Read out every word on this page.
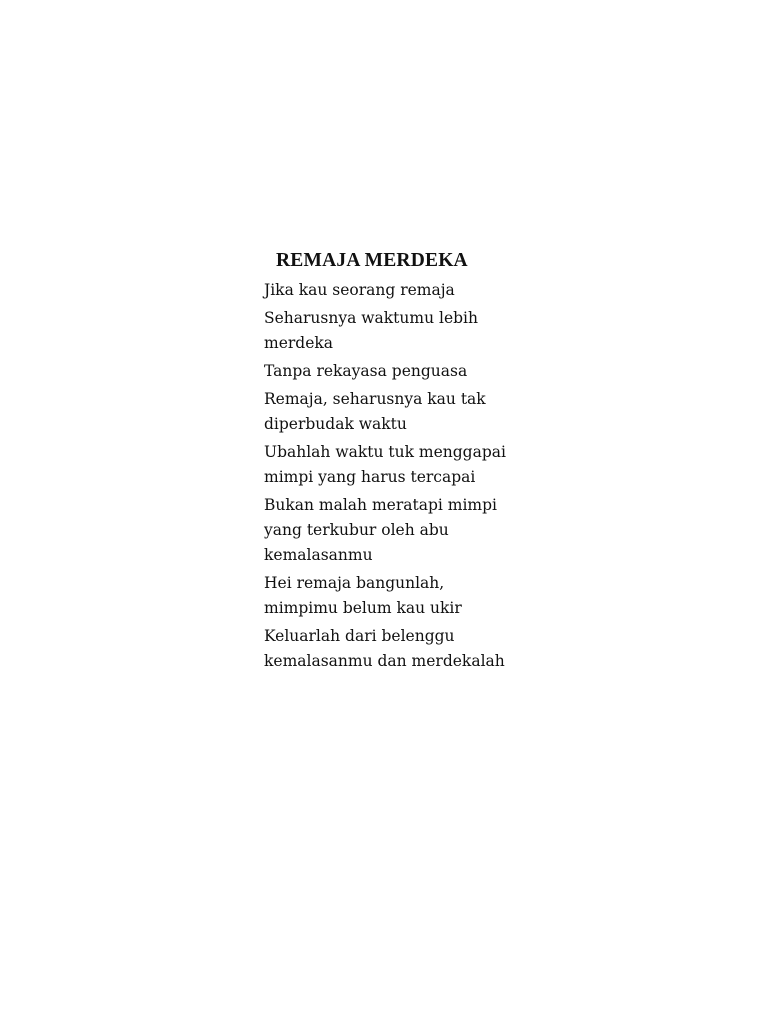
REMAJA MERDEKA

Jika kau seorang remaja

Seharusnya waktumu lebih merdeka

Tanpa rekayasa penguasa

Remaja, seharusnya kau tak diperbudak waktu

Ubahlah waktu tuk menggapai mimpi yang harus tercapai

Bukan malah meratapi mimpi yang terkubur oleh abu kemalasanmu

Hei remaja bangunlah, mimpimu belum kau ukir

Keluarlah dari belenggu kemalasanmu dan merdekalah
